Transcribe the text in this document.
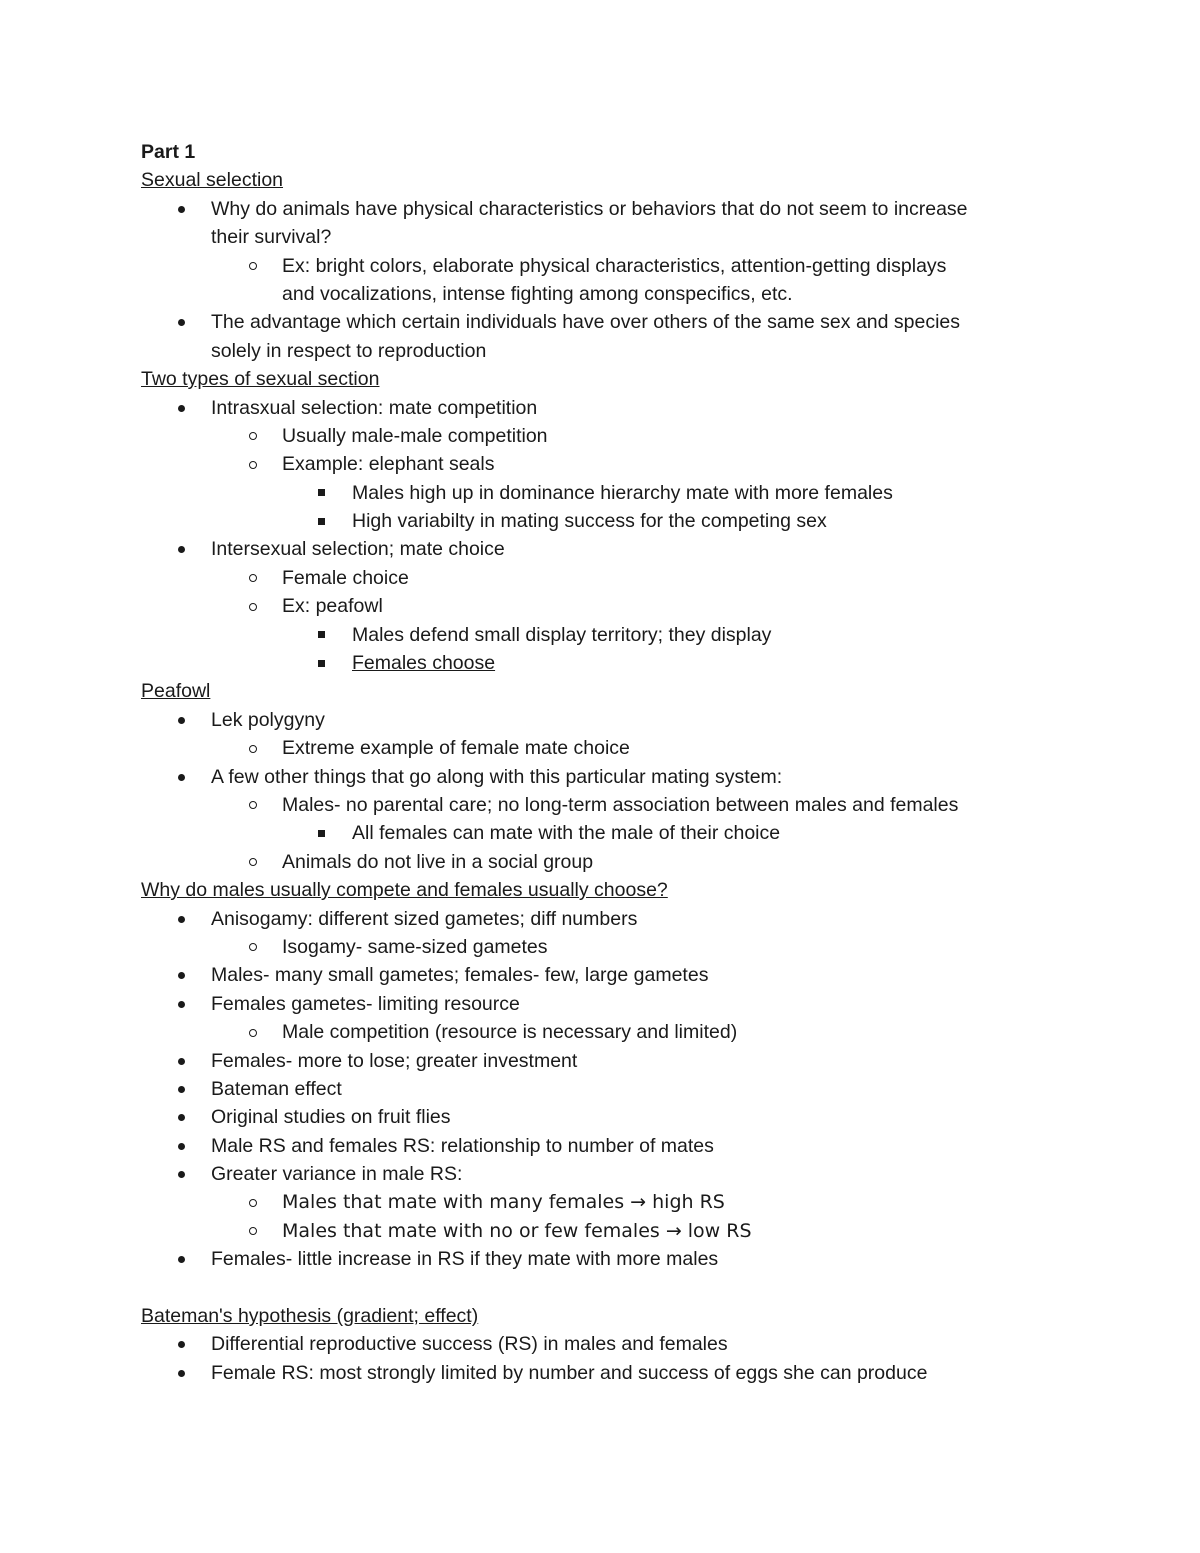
Part 1
Sexual selection
Why do animals have physical characteristics or behaviors that do not seem to increase
their survival?
Ex: bright colors, elaborate physical characteristics, attention-getting displays
and vocalizations, intense fighting among conspecifics, etc.
The advantage which certain individuals have over others of the same sex and species
solely in respect to reproduction
Two types of sexual section
Intrasxual selection: mate competition
Usually male-male competition
Example: elephant seals
Males high up in dominance hierarchy mate with more females
High variabilty in mating success for the competing sex
Intersexual selection; mate choice
Female choice
Ex: peafowl
Males defend small display territory; they display
Females choose
Peafowl
Lek polygyny
Extreme example of female mate choice
A few other things that go along with this particular mating system:
Males- no parental care; no long-term association between males and females
All females can mate with the male of their choice
Animals do not live in a social group
Why do males usually compete and females usually choose?
Anisogamy: different sized gametes; diff numbers
Isogamy- same-sized gametes
Males- many small gametes; females- few, large gametes
Females gametes- limiting resource
Male competition (resource is necessary and limited)
Females- more to lose; greater investment
Bateman effect
Original studies on fruit flies
Male RS and females RS: relationship to number of mates
Greater variance in male RS:
Males that mate with many females → high RS
Males that mate with no or few females → low RS
Females- little increase in RS if they mate with more males
Bateman's hypothesis (gradient; effect)
Differential reproductive success (RS) in males and females
Female RS: most strongly limited by number and success of eggs she can produce
